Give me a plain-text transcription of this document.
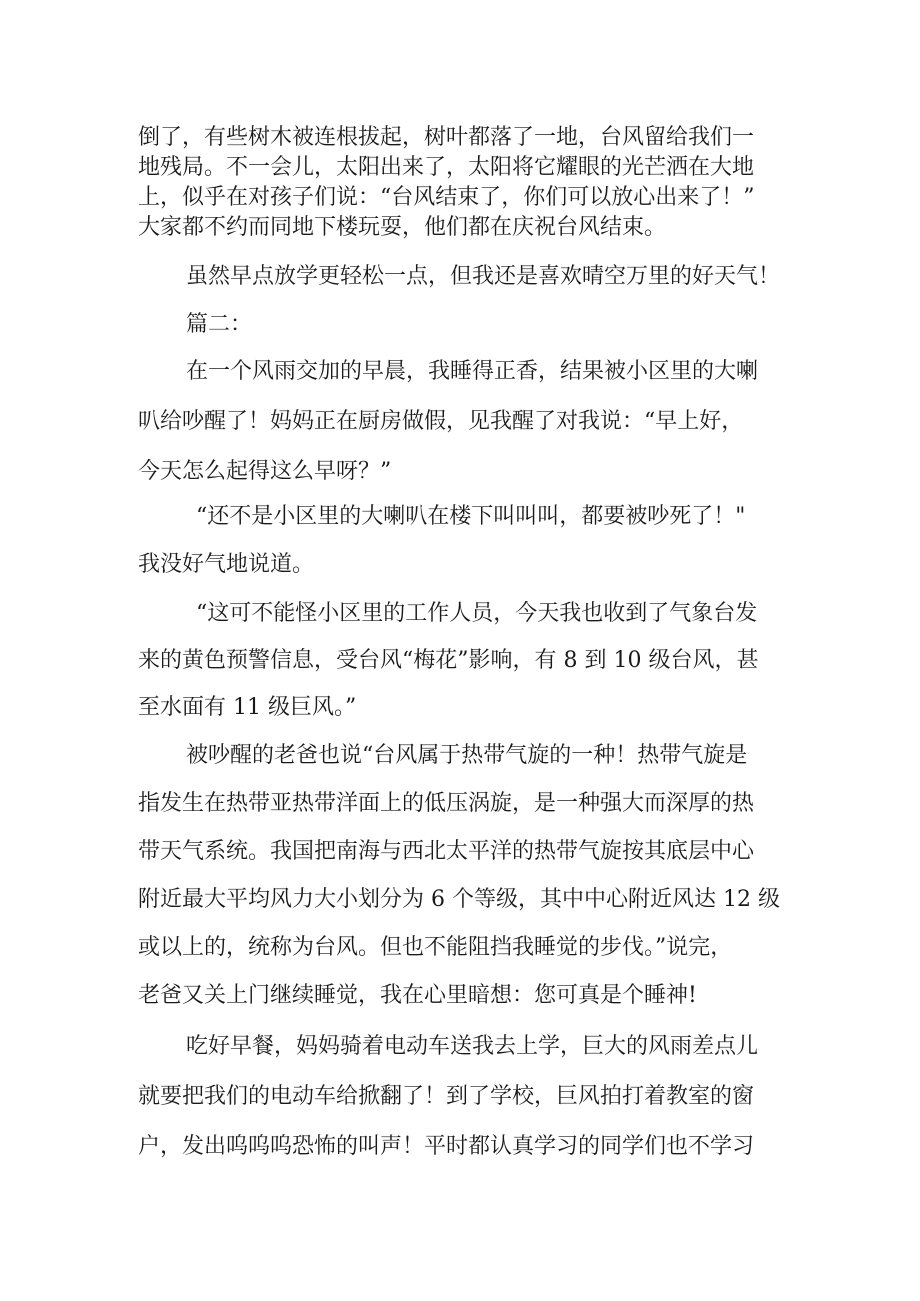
倒了，有些树木被连根拔起，树叶都落了一地，台风留给我们一
地残局。不一会儿，太阳出来了，太阳将它耀眼的光芒洒在大地
上，似乎在对孩子们说：“台风结束了，你们可以放心出来了！”
大家都不约而同地下楼玩耍，他们都在庆祝台风结束。
虽然早点放学更轻松一点，但我还是喜欢晴空万里的好天气！
篇二：
在一个风雨交加的早晨，我睡得正香，结果被小区里的大喇
叭给吵醒了！妈妈正在厨房做假，见我醒了对我说：“早上好，
今天怎么起得这么早呀？”
“还不是小区里的大喇叭在楼下叫叫叫，都要被吵死了！"
我没好气地说道。
“这可不能怪小区里的工作人员，今天我也收到了气象台发
来的黄色预警信息，受台风“梅花”影响，有 8 到 10 级台风，甚
至水面有 11 级巨风。”
被吵醒的老爸也说“台风属于热带气旋的一种！热带气旋是
指发生在热带亚热带洋面上的低压涡旋，是一种强大而深厚的热
带天气系统。我国把南海与西北太平洋的热带气旋按其底层中心
附近最大平均风力大小划分为 6 个等级，其中中心附近风达 12 级
或以上的，统称为台风。但也不能阻挡我睡觉的步伐。”说完，
老爸又关上门继续睡觉，我在心里暗想：您可真是个睡神!
吃好早餐，妈妈骑着电动车送我去上学，巨大的风雨差点儿
就要把我们的电动车给掀翻了！到了学校，巨风拍打着教室的窗
户，发出呜呜呜恐怖的叫声！平时都认真学习的同学们也不学习
